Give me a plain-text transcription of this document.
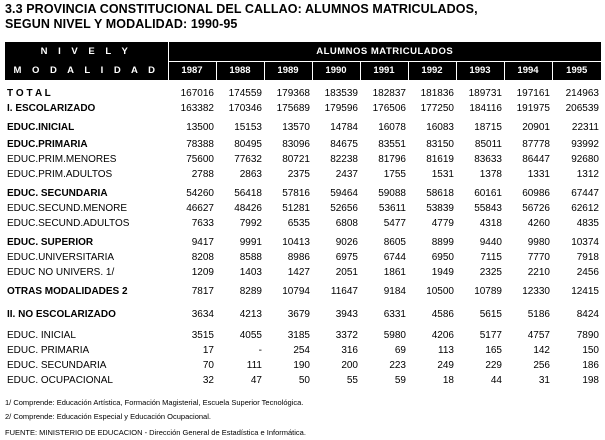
3.3 PROVINCIA CONSTITUCIONAL DEL CALLAO: ALUMNOS MATRICULADOS,
SEGUN NIVEL Y MODALIDAD: 1990-95
N I V E L Y	ALUMNOS MATRICULADOS								
M O D A L I D A D	1987	1988	1989	1990	1991	1992	1993	1994	1995

T O T A L	167016	174559	179368	183539	182837	181836	189731	197161	214963
I. ESCOLARIZADO	163382	170346	175689	179596	176506	177250	184116	191975	206539

EDUC.INICIAL	13500	15153	13570	14784	16078	16083	18715	20901	22311

EDUC.PRIMARIA	78388	80495	83096	84675	83551	83150	85011	87778	93992
EDUC.PRIM.MENORES	75600	77632	80721	82238	81796	81619	83633	86447	92680
EDUC.PRIM.ADULTOS	2788	2863	2375	2437	1755	1531	1378	1331	1312

EDUC. SECUNDARIA	54260	56418	57816	59464	59088	58618	60161	60986	67447
EDUC.SECUND.MENORE	46627	48426	51281	52656	53611	53839	55843	56726	62612
EDUC.SECUND.ADULTOS	7633	7992	6535	6808	5477	4779	4318	4260	4835

EDUC. SUPERIOR	9417	9991	10413	9026	8605	8899	9440	9980	10374
EDUC.UNIVERSITARIA	8208	8588	8986	6975	6744	6950	7115	7770	7918
EDUC NO UNIVERS. 1/	1209	1403	1427	2051	1861	1949	2325	2210	2456

OTRAS MODALIDADES 2	7817	8289	10794	11647	9184	10500	10789	12330	12415

II. NO ESCOLARIZADO	3634	4213	3679	3943	6331	4586	5615	5186	8424

EDUC. INICIAL	3515	4055	3185	3372	5980	4206	5177	4757	7890
EDUC. PRIMARIA	17	-	254	316	69	113	165	142	150
EDUC. SECUNDARIA	70	111	190	200	223	249	229	256	186
EDUC. OCUPACIONAL	32	47	50	55	59	18	44	31	198
1/ Comprende: Educación Artística, Formación Magisterial, Escuela Superior Tecnológica.
2/ Comprende: Educación Especial y Educación Ocupacional.
FUENTE: MINISTERIO DE EDUCACION - Dirección General de Estadística e Informática.
